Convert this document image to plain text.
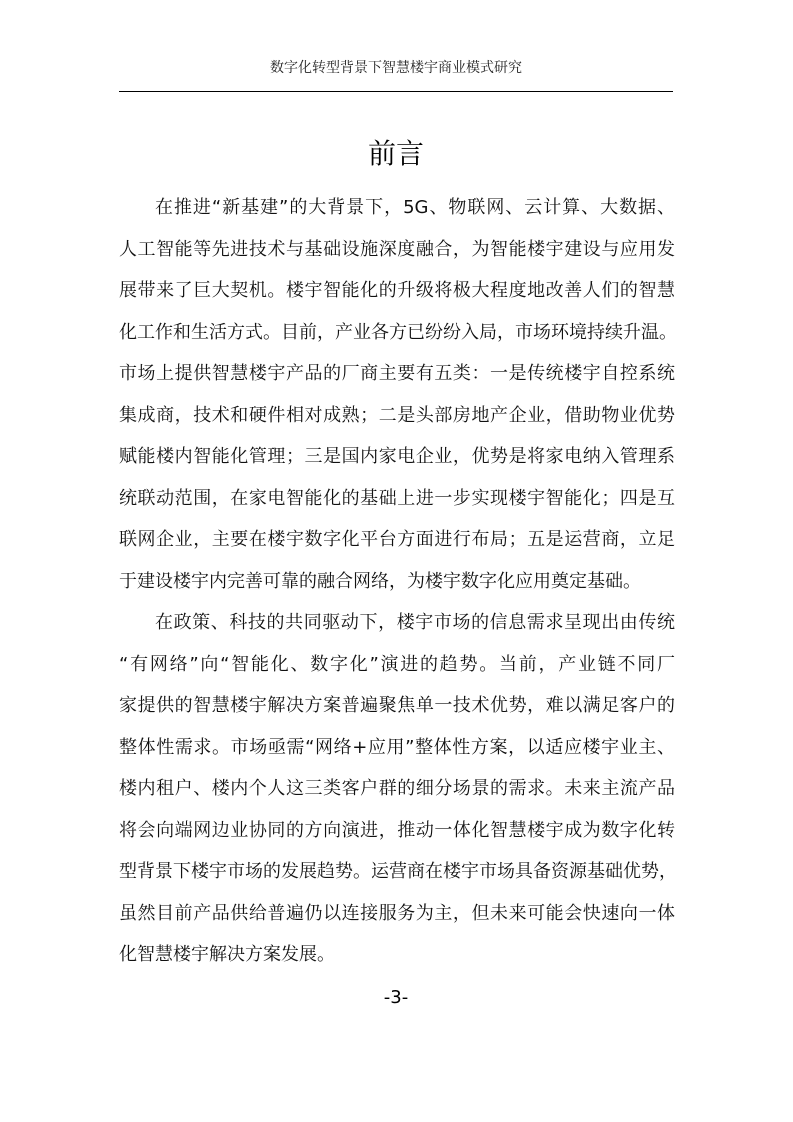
数字化转型背景下智慧楼宇商业模式研究
前言
在推进“新基建”的大背景下，5G、物联网、云计算、大数据、
人工智能等先进技术与基础设施深度融合，为智能楼宇建设与应用发
展带来了巨大契机。楼宇智能化的升级将极大程度地改善人们的智慧
化工作和生活方式。目前，产业各方已纷纷入局，市场环境持续升温。
市场上提供智慧楼宇产品的厂商主要有五类：一是传统楼宇自控系统
集成商，技术和硬件相对成熟；二是头部房地产企业，借助物业优势
赋能楼内智能化管理；三是国内家电企业，优势是将家电纳入管理系
统联动范围，在家电智能化的基础上进一步实现楼宇智能化；四是互
联网企业，主要在楼宇数字化平台方面进行布局；五是运营商，立足
于建设楼宇内完善可靠的融合网络，为楼宇数字化应用奠定基础。
在政策、科技的共同驱动下，楼宇市场的信息需求呈现出由传统
“有网络”向“智能化、数字化”演进的趋势。当前，产业链不同厂
家提供的智慧楼宇解决方案普遍聚焦单一技术优势，难以满足客户的
整体性需求。市场亟需“网络+应用”整体性方案，以适应楼宇业主、
楼内租户、楼内个人这三类客户群的细分场景的需求。未来主流产品
将会向端网边业协同的方向演进，推动一体化智慧楼宇成为数字化转
型背景下楼宇市场的发展趋势。运营商在楼宇市场具备资源基础优势，
虽然目前产品供给普遍仍以连接服务为主，但未来可能会快速向一体
化智慧楼宇解决方案发展。
-3-
